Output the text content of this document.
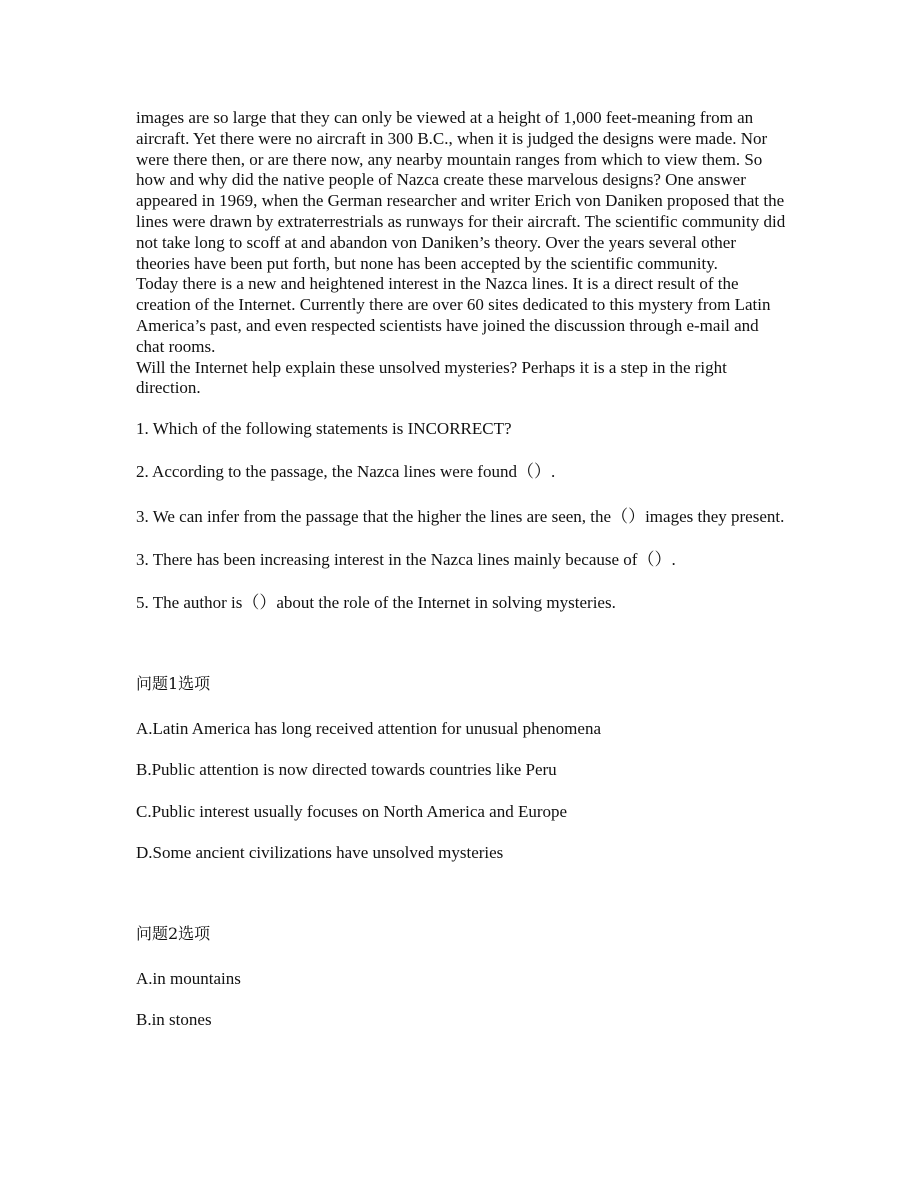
images are so large that they can only be viewed at a height of 1,000 feet-meaning from an aircraft. Yet there were no aircraft in 300 B.C., when it is judged the designs were made. Nor were there then, or are there now, any nearby mountain ranges from which to view them. So how and why did the native people of Nazca create these marvelous designs? One answer appeared in 1969, when the German researcher and writer Erich von Daniken proposed that the lines were drawn by extraterrestrials as runways for their aircraft. The scientific community did not take long to scoff at and abandon von Daniken’s theory. Over the years several other theories have been put forth, but none has been accepted by the scientific community.

Today there is a new and heightened interest in the Nazca lines. It is a direct result of the creation of the Internet. Currently there are over 60 sites dedicated to this mystery from Latin America’s past, and even respected scientists have joined the discussion through e-mail and chat rooms.

Will the Internet help explain these unsolved mysteries? Perhaps it is a step in the right direction.

1. Which of the following statements is INCORRECT?

2. According to the passage, the Nazca lines were found（）.

3. We can infer from the passage that the higher the lines are seen, the（）images they present.

3. There has been increasing interest in the Nazca lines mainly because of（）.

5. The author is（）about the role of the Internet in solving mysteries.

问题1选项

A.Latin America has long received attention for unusual phenomena

B.Public attention is now directed towards countries like Peru

C.Public interest usually focuses on North America and Europe

D.Some ancient civilizations have unsolved mysteries

问题2选项

A.in mountains

B.in stones
